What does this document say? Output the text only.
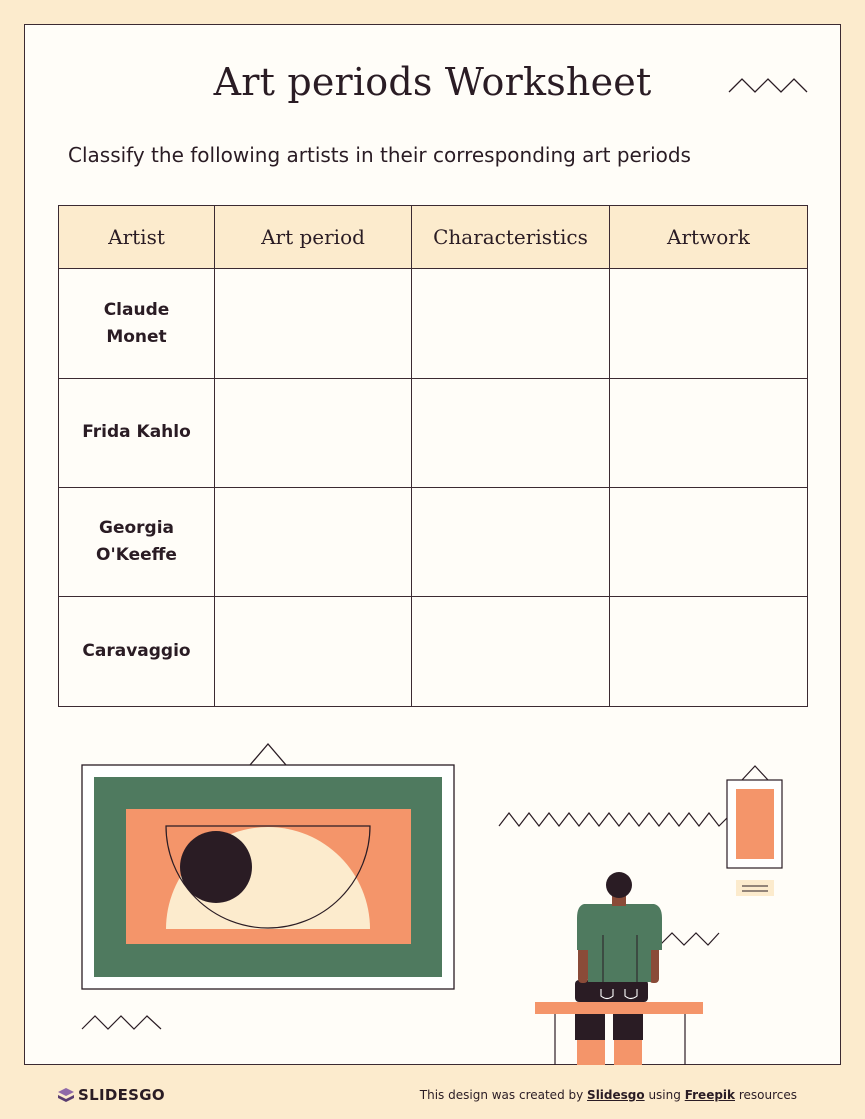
Art periods Worksheet
Classify the following artists in their corresponding art periods
Artist	Art period	Characteristics	Artwork
Claude Monet			
Frida Kahlo			
Georgia O'Keeffe			
Caravaggio			
SLIDESGO	This design was created by Slidesgo using Freepik resources
